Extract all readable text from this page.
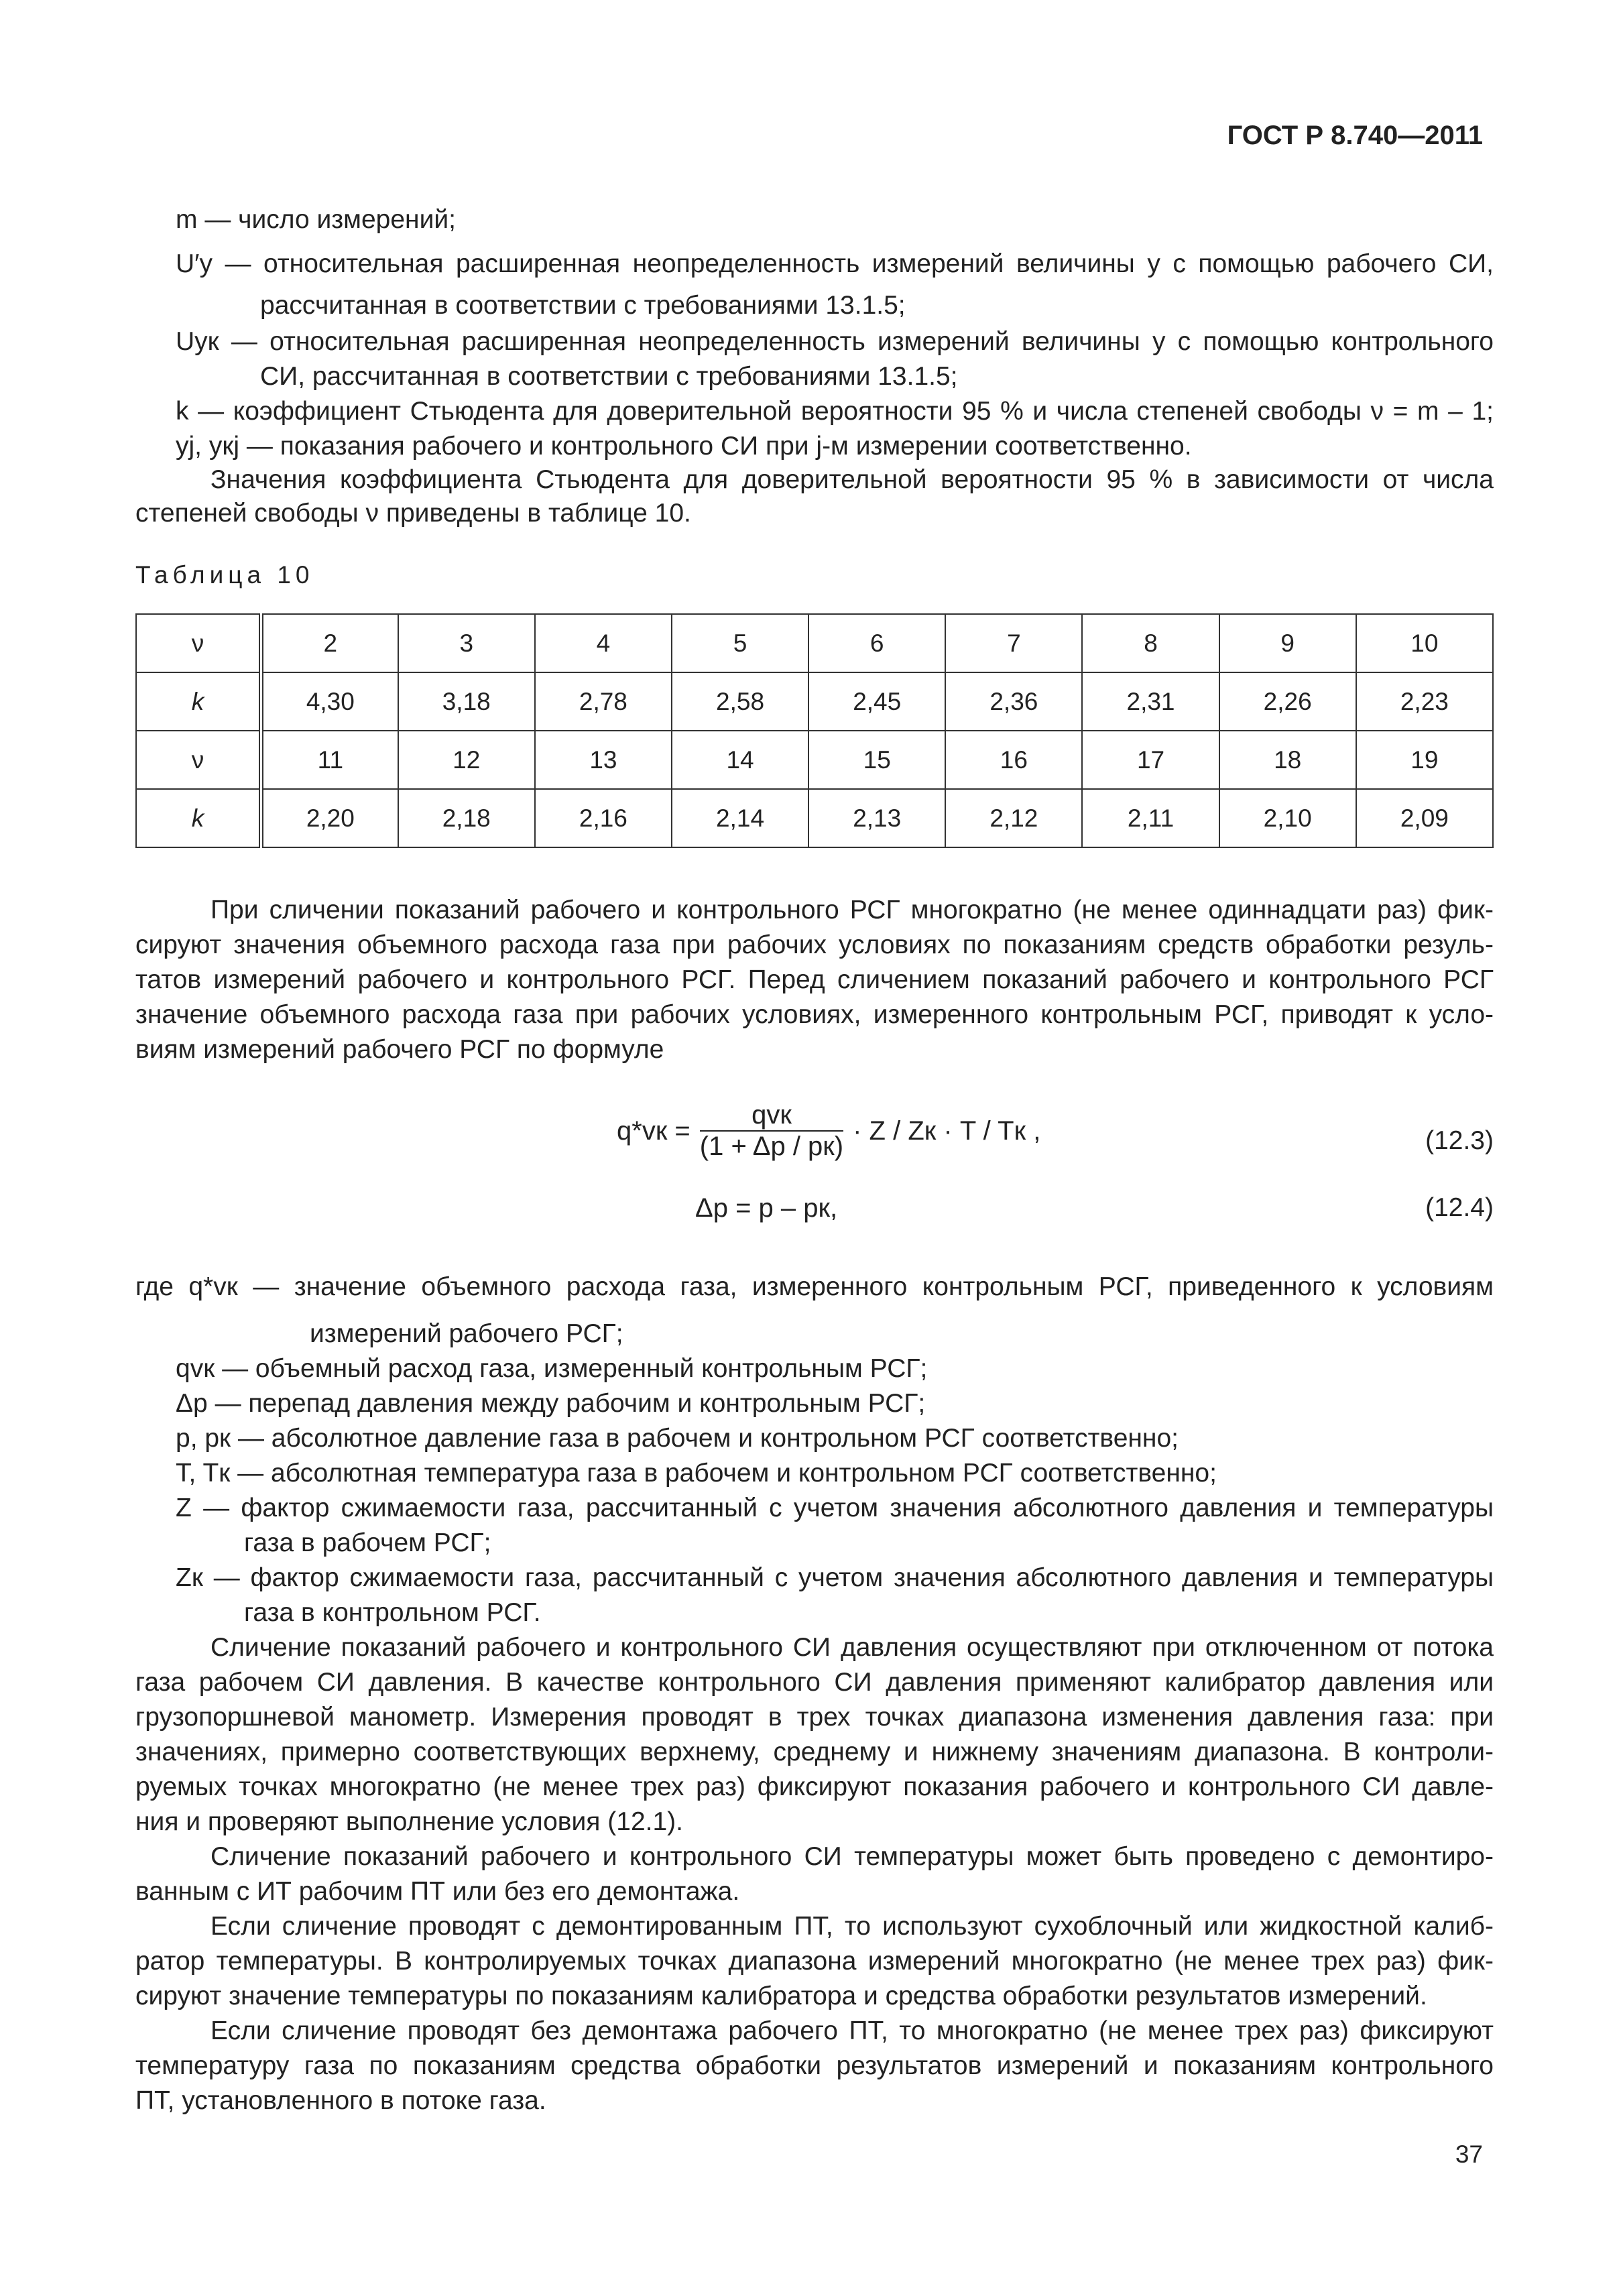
ГОСТ Р 8.740—2011
m — число измерений;
U′y — относительная расширенная неопределенность измерений величины y с помощью рабочего СИ,
рассчитанная в соответствии с требованиями 13.1.5;
Uyк — относительная расширенная неопределенность измерений величины y с помощью контрольного
СИ, рассчитанная в соответствии с требованиями 13.1.5;
k — коэффициент Стьюдента для доверительной вероятности 95 % и числа степеней свободы ν = m – 1;
yj, yкj — показания рабочего и контрольного СИ при j-м измерении соответственно.
Значения коэффициента Стьюдента для доверительной вероятности 95 % в зависимости от числа
степеней свободы ν приведены в таблице 10.
Таблица 10
ν	2	3	4	5	6	7	8	9	10
k	4,30	3,18	2,78	2,58	2,45	2,36	2,31	2,26	2,23
ν	11	12	13	14	15	16	17	18	19
k	2,20	2,18	2,16	2,14	2,13	2,12	2,11	2,10	2,09
При сличении показаний рабочего и контрольного РСГ многократно (не менее одиннадцати раз) фик-
сируют значения объемного расхода газа при рабочих условиях по показаниям средств обработки резуль-
татов измерений рабочего и контрольного РСГ. Перед сличением показаний рабочего и контрольного РСГ
значение объемного расхода газа при рабочих условиях, измеренного контрольным РСГ, приводят к усло-
виям измерений рабочего РСГ по формуле
$q*vк = \frac{\text{qvк}}{(1 + \Delta p / pк)} \cdot Z$ / Zк · T / Tк ,	(12.3)
Δp = p – pк,	(12.4)
где q*vк — значение объемного расхода газа, измеренного контрольным РСГ, приведенного к условиям
измерений рабочего РСГ;
qvк — объемный расход газа, измеренный контрольным РСГ;
Δp — перепад давления между рабочим и контрольным РСГ;
p, pк — абсолютное давление газа в рабочем и контрольном РСГ соответственно;
T, Tк — абсолютная температура газа в рабочем и контрольном РСГ соответственно;
Z — фактор сжимаемости газа, рассчитанный с учетом значения абсолютного давления и температуры
газа в рабочем РСГ;
Zк — фактор сжимаемости газа, рассчитанный с учетом значения абсолютного давления и температуры
газа в контрольном РСГ.
Сличение показаний рабочего и контрольного СИ давления осуществляют при отключенном от потока
газа рабочем СИ давления. В качестве контрольного СИ давления применяют калибратор давления или
грузопоршневой манометр. Измерения проводят в трех точках диапазона изменения давления газа: при
значениях, примерно соответствующих верхнему, среднему и нижнему значениям диапазона. В контроли-
руемых точках многократно (не менее трех раз) фиксируют показания рабочего и контрольного СИ давле-
ния и проверяют выполнение условия (12.1).
Сличение показаний рабочего и контрольного СИ температуры может быть проведено с демонтиро-
ванным с ИТ рабочим ПТ или без его демонтажа.
Если сличение проводят с демонтированным ПТ, то используют сухоблочный или жидкостной калиб-
ратор температуры. В контролируемых точках диапазона измерений многократно (не менее трех раз) фик-
сируют значение температуры по показаниям калибратора и средства обработки результатов измерений.
Если сличение проводят без демонтажа рабочего ПТ, то многократно (не менее трех раз) фиксируют
температуру газа по показаниям средства обработки результатов измерений и показаниям контрольного
ПТ, установленного в потоке газа.
37
